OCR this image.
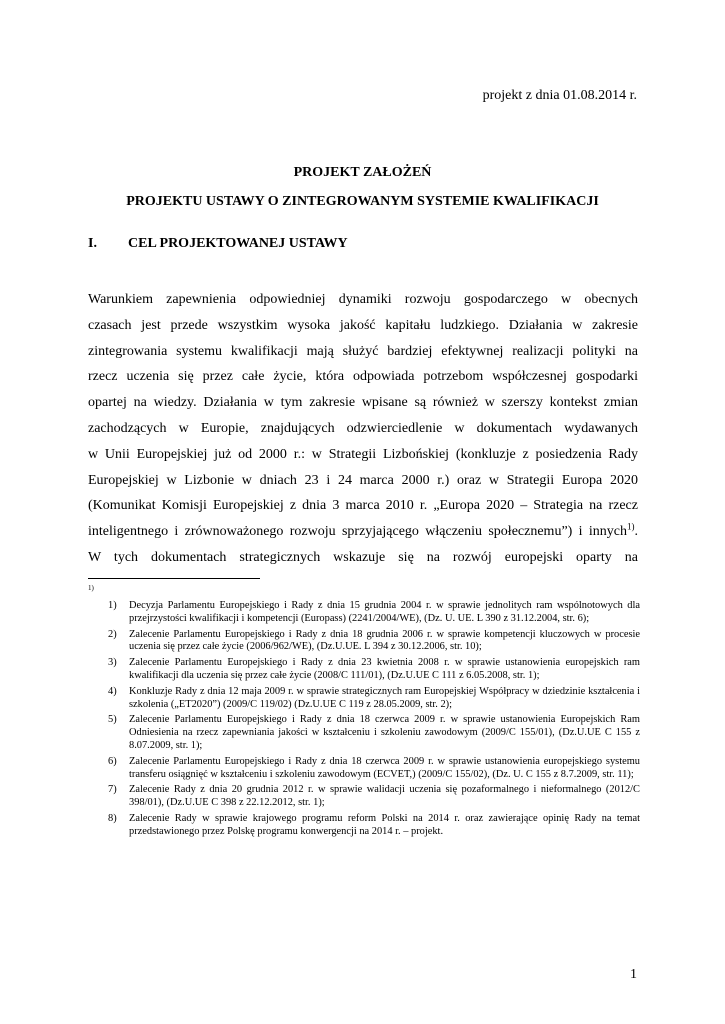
projekt z dnia 01.08.2014 r.
PROJEKT ZAŁOŻEŃ
PROJEKTU USTAWY O ZINTEGROWANYM SYSTEMIE KWALIFIKACJI
I. CEL PROJEKTOWANEJ USTAWY
Warunkiem zapewnienia odpowiedniej dynamiki rozwoju gospodarczego w obecnych
czasach jest przede wszystkim wysoka jakość kapitału ludzkiego. Działania w zakresie
zintegrowania systemu kwalifikacji mają służyć bardziej efektywnej realizacji polityki na
rzecz uczenia się przez całe życie, która odpowiada potrzebom współczesnej gospodarki
opartej na wiedzy. Działania w tym zakresie wpisane są również w szerszy kontekst zmian
zachodzących w Europie, znajdujących odzwierciedlenie w dokumentach wydawanych
w Unii Europejskiej już od 2000 r.: w Strategii Lizbońskiej (konkluzje z posiedzenia Rady
Europejskiej w Lizbonie w dniach 23 i 24 marca 2000 r.) oraz w Strategii Europa 2020
(Komunikat Komisji Europejskiej z dnia 3 marca 2010 r. „Europa 2020 – Strategia na rzecz
inteligentnego i zrównoważonego rozwoju sprzyjającego włączeniu społecznemu”) i innych$^{1)}$.
W tych dokumentach strategicznych wskazuje się na rozwój europejski oparty na
1)
1) Decyzja Parlamentu Europejskiego i Rady z dnia 15 grudnia 2004 r. w sprawie jednolitych ram wspólnotowych dla przejrzystości kwalifikacji i kompetencji (Europass) (2241/2004/WE), (Dz. U. UE. L 390 z 31.12.2004, str. 6);
2) Zalecenie Parlamentu Europejskiego i Rady z dnia 18 grudnia 2006 r. w sprawie kompetencji kluczowych w procesie uczenia się przez całe życie (2006/962/WE), (Dz.U.UE. L 394 z 30.12.2006, str. 10);
3) Zalecenie Parlamentu Europejskiego i Rady z dnia 23 kwietnia 2008 r. w sprawie ustanowienia europejskich ram kwalifikacji dla uczenia się przez całe życie (2008/C 111/01), (Dz.U.UE C 111 z 6.05.2008, str. 1);
4) Konkluzje Rady z dnia 12 maja 2009 r. w sprawie strategicznych ram Europejskiej Współpracy w dziedzinie kształcenia i szkolenia („ET2020”) (2009/C 119/02) (Dz.U.UE C 119 z 28.05.2009, str. 2);
5) Zalecenie Parlamentu Europejskiego i Rady z dnia 18 czerwca 2009 r. w sprawie ustanowienia Europejskich Ram Odniesienia na rzecz zapewniania jakości w kształceniu i szkoleniu zawodowym (2009/C 155/01), (Dz.U.UE C 155 z 8.07.2009, str. 1);
6) Zalecenie Parlamentu Europejskiego i Rady z dnia 18 czerwca 2009 r. w sprawie ustanowienia europejskiego systemu transferu osiągnięć w kształceniu i szkoleniu zawodowym (ECVET,) (2009/C 155/02), (Dz. U. C 155 z 8.7.2009, str. 11);
7) Zalecenie Rady z dnia 20 grudnia 2012 r. w sprawie walidacji uczenia się pozaformalnego i nieformalnego (2012/C 398/01), (Dz.U.UE C 398 z 22.12.2012, str. 1);
8) Zalecenie Rady w sprawie krajowego programu reform Polski na 2014 r. oraz zawierające opinię Rady na temat przedstawionego przez Polskę programu konwergencji na 2014 r. – projekt.
1
